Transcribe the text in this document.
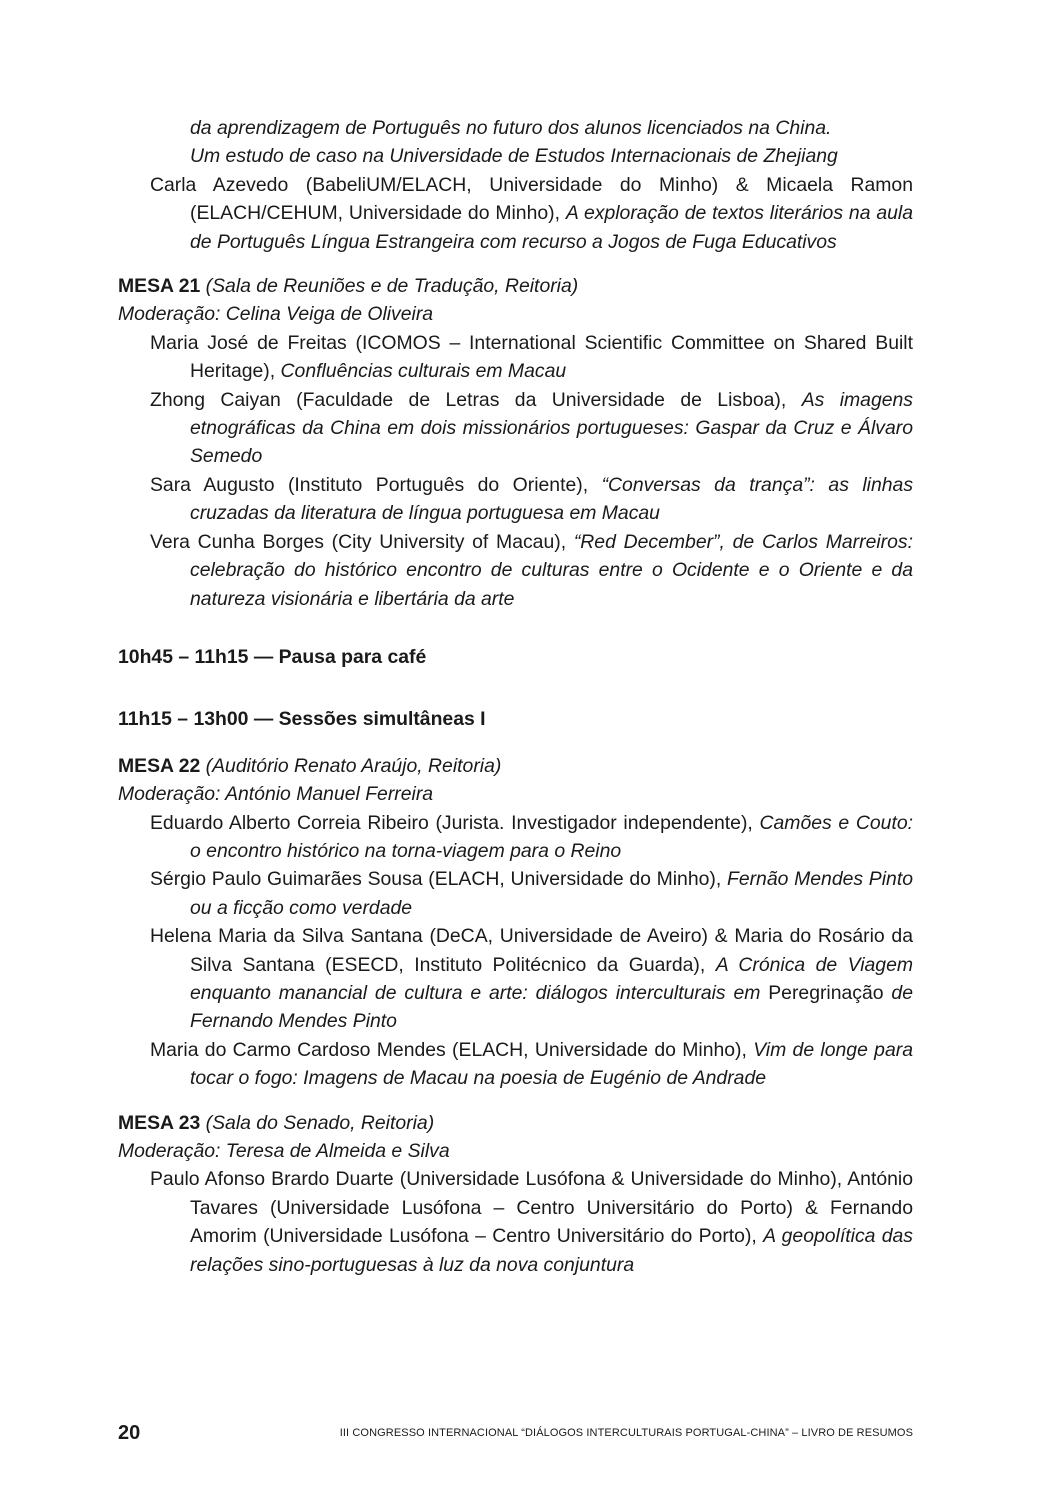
da aprendizagem de Português no futuro dos alunos licenciados na China.
Um estudo de caso na Universidade de Estudos Internacionais de Zhejiang
Carla Azevedo (BabeliUM/ELACH, Universidade do Minho) & Micaela Ramon (ELACH/CEHUM, Universidade do Minho), A exploração de textos literários na aula de Português Língua Estrangeira com recurso a Jogos de Fuga Educativos
MESA 21 (Sala de Reuniões e de Tradução, Reitoria)
Moderação: Celina Veiga de Oliveira
Maria José de Freitas (ICOMOS – International Scientific Committee on Shared Built Heritage), Confluências culturais em Macau
Zhong Caiyan (Faculdade de Letras da Universidade de Lisboa), As imagens etnográficas da China em dois missionários portugueses: Gaspar da Cruz e Álvaro Semedo
Sara Augusto (Instituto Português do Oriente), “Conversas da trança”: as linhas cruzadas da literatura de língua portuguesa em Macau
Vera Cunha Borges (City University of Macau), “Red December”, de Carlos Marreiros: celebração do histórico encontro de culturas entre o Ocidente e o Oriente e da natureza visionária e libertária da arte
10h45 – 11h15 — Pausa para café
11h15 – 13h00 — Sessões simultâneas I
MESA 22 (Auditório Renato Araújo, Reitoria)
Moderação: António Manuel Ferreira
Eduardo Alberto Correia Ribeiro (Jurista. Investigador independente), Camões e Couto: o encontro histórico na torna-viagem para o Reino
Sérgio Paulo Guimarães Sousa (ELACH, Universidade do Minho), Fernão Mendes Pinto ou a ficção como verdade
Helena Maria da Silva Santana (DeCA, Universidade de Aveiro) & Maria do Rosário da Silva Santana (ESECD, Instituto Politécnico da Guarda), A Crónica de Viagem enquanto manancial de cultura e arte: diálogos interculturais em Peregrinação de Fernando Mendes Pinto
Maria do Carmo Cardoso Mendes (ELACH, Universidade do Minho), Vim de longe para tocar o fogo: Imagens de Macau na poesia de Eugénio de Andrade
MESA 23 (Sala do Senado, Reitoria)
Moderação: Teresa de Almeida e Silva
Paulo Afonso Brardo Duarte (Universidade Lusófona & Universidade do Minho), António Tavares (Universidade Lusófona – Centro Universitário do Porto) & Fernando Amorim (Universidade Lusófona – Centro Universitário do Porto), A geopolítica das relações sino-portuguesas à luz da nova conjuntura
20	III CONGRESSO INTERNACIONAL “DIÁLOGOS INTERCULTURAIS PORTUGAL-CHINA” – LIVRO DE RESUMOS
